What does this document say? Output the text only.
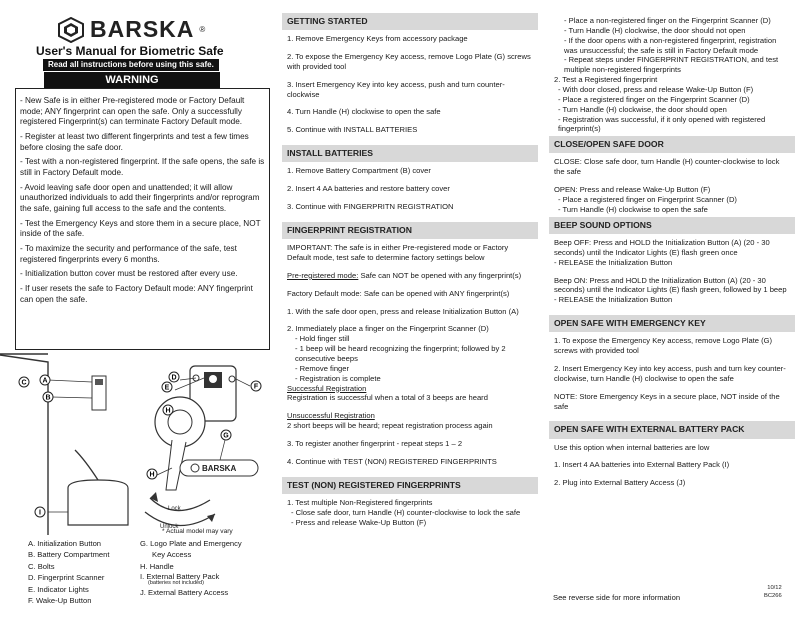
BARSKA ®
User's Manual for Biometric Safe
Read all instructions before using this safe.
WARNING

- New Safe is in either Pre-registered mode or Factory Default mode; ANY fingerprint can open the safe. Only a successfully registered Fingerprint(s) can terminate Factory Default mode.

- Register at least two different fingerprints and test a few times before closing the safe door.

- Test with a non-registered fingerprint. If the safe opens, the safe is still in Factory Default mode.

- Avoid leaving safe door open and unattended; it will allow unauthorized individuals to add their fingerprints and/or reprogram the safe, gaining full access to the safe and the contents.

- Test the Emergency Keys and store them in a secure place, NOT inside of the safe.

- To maximize the security and performance of the safe, test registered fingerprints every 6 months.

- Initialization button cover must be restored after every use.

- If user resets the safe to Factory Default mode: ANY fingerprint can open the safe.

Lock
Unlock
BARSKA
A
B
C
D
E	F
G
H
I
H
* Actual model may vary
A. Initialization Button
B. Battery Compartment
C. Bolts
D. Fingerprint Scanner
E. Indicator Lights
F. Wake-Up Button
G. Logo Plate and Emergency
Key Access
H. Handle
I. External Battery Pack
(batteries not included)
J. External Battery Access
GETTING STARTED

1. Remove Emergency Keys from accessory package

2. To expose the Emergency Key access, remove Logo Plate (G) screws with provided tool

3. Insert Emergency Key into key access, push and turn counter-clockwise

4. Turn Handle (H) clockwise to open the safe

5. Continue with INSTALL BATTERIES

INSTALL BATTERIES

1. Remove Battery Compartment (B) cover

2. Insert 4 AA batteries and restore battery cover

3. Continue with FINGERPRITN REGISTRATION

FINGERPRINT REGISTRATION

IMPORTANT: The safe is in either Pre-registered mode or Factory Default mode, test safe to determine factory settings below

Pre-registered mode: Safe can NOT be opened with any fingerprint(s)

Factory Default mode: Safe can be opened with ANY fingerprint(s)

1. With the safe door open, press and release Initialization Button (A)

2. Immediately place a finger on the Fingerprint Scanner (D)
- Hold finger still
- 1 beep will be heard recognizing the fingerprint; followed by 2 consecutive beeps
- Remove finger

- Registration is complete

Successful Registration

Registration is successful when a total of 3 beeps are heard

Unsuccessful Registration

2 short beeps will be heard; repeat registration process again

3. To register another fingerprint - repeat steps 1 – 2

4. Continue with TEST (NON) REGISTERED FINGERPRINTS

TEST (NON) REGISTERED FINGERPRINTS
1. Test multiple Non-Registered fingerprints
- Close safe door, turn Handle (H) counter-clockwise to lock the safe
- Press and release Wake-Up Button (F)
- Place a non-registered finger on the Fingerprint Scanner (D)
- Turn Handle (H) clockwise, the door should not open
- If the door opens with a non-registered fingerprint, registration was unsuccessful; the safe is still in Factory Default mode

- Repeat steps under FINGERPRINT REGISTRATION, and test multiple non-registered fingerprints

2. Test a Registered fingerprint
- With door closed, press and release Wake-Up Button (F)
- Place a registered finger on the Fingerprint Scanner (D)
- Turn Handle (H) clockwise, the door should open

- Registration was successful, if it only opened with registered fingerprint(s)

CLOSE/OPEN SAFE DOOR

CLOSE: Close safe door, turn Handle (H) counter-clockwise to lock the safe

OPEN: Press and release Wake-Up Button (F)
- Place a registered finger on Fingerprint Scanner (D)

- Turn Handle (H) clockwise to open the safe

BEEP SOUND OPTIONS
Beep OFF: Press and HOLD the Initialization Button (A) (20 - 30 seconds) until the Indicator Lights (E) flash green once

- RELEASE the Initialization Button

Beep ON: Press and HOLD the Initialization Button (A) (20 - 30 seconds) until the Indicator Lights (E) flash green, followed by 1 beep

- RELEASE the Initialization Button

OPEN SAFE WITH EMERGENCY KEY

1. To expose the Emergency Key access, remove Logo Plate (G) screws with provided tool

2. Insert Emergency Key into key access, push and turn key counter-clockwise, turn Handle (H) clockwise to open the safe

NOTE: Store Emergency Keys in a secure place, NOT inside of the safe

OPEN SAFE WITH EXTERNAL BATTERY PACK

Use this option when internal batteries are low

1. Insert 4 AA batteries into External Battery Pack (I)

2. Plug into External Battery Access (J)

See reverse side for more information
10/12
BC266
